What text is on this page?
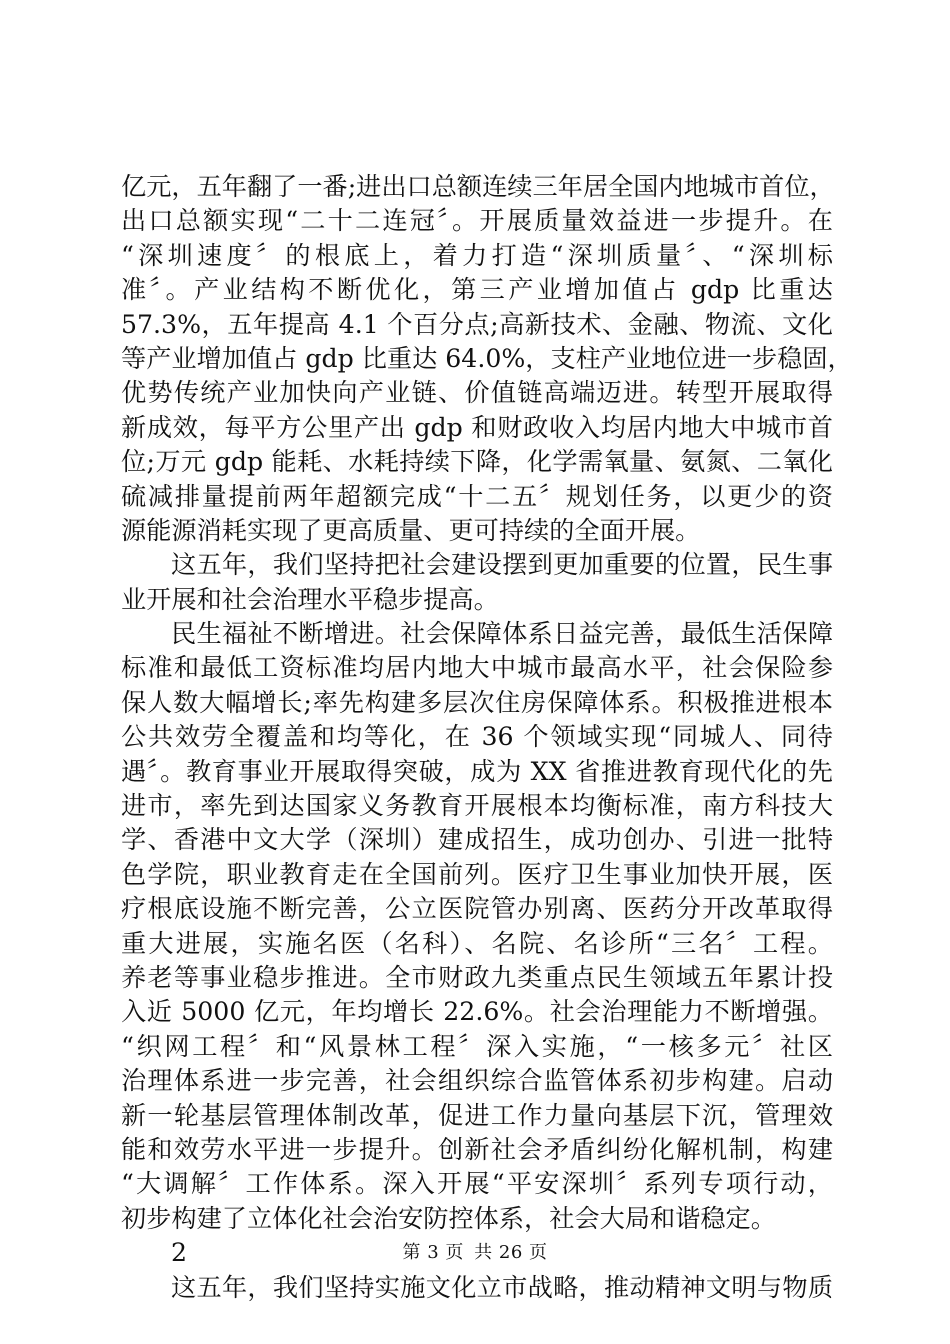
亿元，五年翻了一番;进出口总额连续三年居全国内地城市首位，
出口总额实现“二十二连冠〞。开展质量效益进一步提升。在
“深圳速度〞的根底上，着力打造“深圳质量〞、“深圳标
准〞。产业结构不断优化，第三产业增加值占 gdp 比重达
57.3%，五年提高 4.1 个百分点;高新技术、金融、物流、文化
等产业增加值占 gdp 比重达 64.0%，支柱产业地位进一步稳固，
优势传统产业加快向产业链、价值链高端迈进。转型开展取得
新成效，每平方公里产出 gdp 和财政收入均居内地大中城市首
位;万元 gdp 能耗、水耗持续下降，化学需氧量、氨氮、二氧化
硫减排量提前两年超额完成“十二五〞规划任务，以更少的资
源能源消耗实现了更高质量、更可持续的全面开展。
这五年，我们坚持把社会建设摆到更加重要的位置，民生事
业开展和社会治理水平稳步提高。
民生福祉不断增进。社会保障体系日益完善，最低生活保障
标准和最低工资标准均居内地大中城市最高水平，社会保险参
保人数大幅增长;率先构建多层次住房保障体系。积极推进根本
公共效劳全覆盖和均等化，在 36 个领域实现“同城人、同待
遇〞。教育事业开展取得突破，成为 XX 省推进教育现代化的先
进市，率先到达国家义务教育开展根本均衡标准，南方科技大
学、香港中文大学（深圳）建成招生，成功创办、引进一批特
色学院，职业教育走在全国前列。医疗卫生事业加快开展，医
疗根底设施不断完善，公立医院管办别离、医药分开改革取得
重大进展，实施名医（名科）、名院、名诊所“三名〞工程。
养老等事业稳步推进。全市财政九类重点民生领域五年累计投
入近 5000 亿元，年均增长 22.6%。社会治理能力不断增强。
“织网工程〞和“风景林工程〞深入实施，“一核多元〞社区
治理体系进一步完善，社会组织综合监管体系初步构建。启动
新一轮基层管理体制改革，促进工作力量向基层下沉，管理效
能和效劳水平进一步提升。创新社会矛盾纠纷化解机制，构建
“大调解〞工作体系。深入开展“平安深圳〞系列专项行动，
初步构建了立体化社会治安防控体系，社会大局和谐稳定。
2
这五年，我们坚持实施文化立市战略，推动精神文明与物质
第 3 页 共 26 页
